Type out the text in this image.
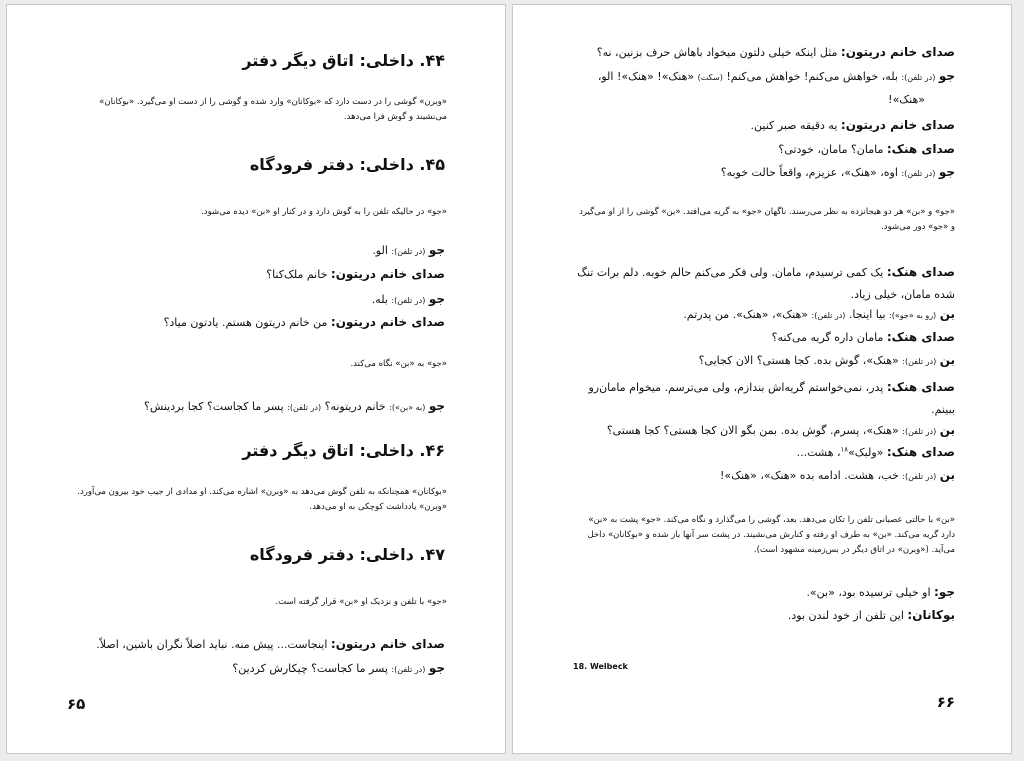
۴۴. داخلی: اتاق دیگر دفتر
«وبرن» گوشی را در دست دارد که «بوکانان» وارد شده و گوشی را از دست او می‌گیرد. «بوکانان» می‌نشیند و گوش فرا می‌دهد.
۴۵. داخلی: دفتر فرودگاه
«جو» در حالیکه تلفن را به گوش دارد و در کنار او «بن» دیده می‌شود.
جو (در تلفن): الو.
صدای خانم دریتون: خانم ملک‌کنا؟
جو (در تلفن): بله.
صدای خانم دریتون: من خانم دریتون هستم. یادتون میاد؟
«جو» به «بن» نگاه می‌کند.
جو (به «بن»): خانم دریتونه؟ (در تلفن): پسر ما کجاست؟ کجا بردینش؟
۴۶. داخلی: اتاق دیگر دفتر
«بوکانان» همچنانکه به تلفن گوش می‌دهد به «وبرن» اشاره می‌کند. او مدادی از جیب خود بیرون می‌آورد. «وبرن» یادداشت کوچکی به او می‌دهد.
۴۷. داخلی: دفتر فرودگاه
«جو» با تلفن و نزدیک او «بن» قرار گرفته است.
صدای خانم دریتون: اینجاست... پیش منه. نباید اصلاً نگران باشین، اصلاً.
جو (در تلفن): پسر ما کجاست؟ چیکارش کردین؟
۶۵
صدای خانم دریتون: مثل اینکه خیلی دلتون میخواد باهاش حرف بزنین، نه؟
جو (در تلفن): بله، خواهش می‌کنم! خواهش می‌کنم! (سکت) «هنک»! «هنک»! الو،
«هنک»!
صدای خانم دریتون: یه دقیقه صبر کنین.
صدای هنک: مامان؟ مامان، خودتی؟
جو (در تلفن): اوه، «هنک»، عزیزم، واقعاً حالت خوبه؟
«جو» و «بن» هر دو هیجانزده به نظر می‌رسند. ناگهان «جو» به گریه می‌افتد. «بن» گوشی را از او می‌گیرد و «جو» دور می‌شود.
صدای هنک: یک کمی ترسیدم، مامان. ولی فکر می‌کنم حالم خوبه. دلم برات تنگ شده مامان، خیلی زیاد.
بن (رو به «جو»): بیا اینجا. (در تلفن): «هنک»، «هنک». من پدرتم.
صدای هنک: مامان داره گریه می‌کنه؟
بن (در تلفن): «هنک»، گوش بده. کجا هستی؟ الان کجایی؟
صدای هنک: پدر، نمی‌خواستم گریه‌اش بندازم، ولی می‌ترسم. میخوام مامان‌رو ببینم.
بن (در تلفن): «هنک»، پسرم. گوش بده. بمن بگو الان کجا هستی؟ کجا هستی؟
صدای هنک: «ولبک»$^{۱۸}$، هشت...
بن (در تلفن): خب، هشت. ادامه بده «هنک»، «هنک»!
«بن» با حالتی عصبانی تلفن را تکان می‌دهد. بعد، گوشی را می‌گذارد و نگاه می‌کند. «جو» پشت به «بن» دارد گریه می‌کند. «بن» به طرف او رفته و کنارش می‌نشیند. در پشت سر آنها باز شده و «بوکانان» داخل می‌آید. («وبرن» در اتاق دیگر در بس‌زمینه مشهود است).
جو: او خیلی ترسیده بود، «بن».
بوکانان: این تلفن از خود لندن بود.
18. Welbeck
۶۶
